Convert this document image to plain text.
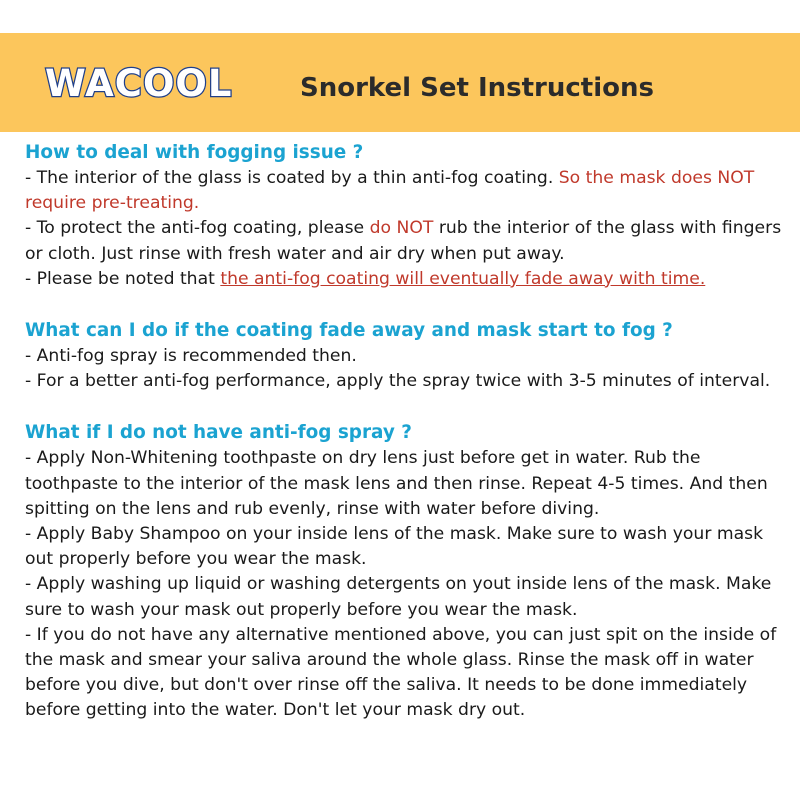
WACOOL	Snorkel Set Instructions
How to deal with fogging issue ?

- The interior of the glass is coated by a thin anti-fog coating. So the mask does NOT require pre-treating.

- To protect the anti-fog coating, please do NOT rub the interior of the glass with fingers or cloth. Just rinse with fresh water and air dry when put away.

- Please be noted that the anti-fog coating will eventually fade away with time.

What can I do if the coating fade away and mask start to fog ?

- Anti-fog spray is recommended then.

- For a better anti-fog performance, apply the spray twice with 3-5 minutes of interval.

What if I do not have anti-fog spray ?

- Apply Non-Whitening toothpaste on dry lens just before get in water. Rub the toothpaste to the interior of the mask lens and then rinse. Repeat 4-5 times. And then spitting on the lens and rub evenly, rinse with water before diving.

- Apply Baby Shampoo on your inside lens of the mask. Make sure to wash your mask out properly before you wear the mask.

- Apply washing up liquid or washing detergents on yout inside lens of the mask. Make sure to wash your mask out properly before you wear the mask.

- If you do not have any alternative mentioned above, you can just spit on the inside of the mask and smear your saliva around the whole glass. Rinse the mask off in water before you dive, but don't over rinse off the saliva. It needs to be done immediately before getting into the water. Don't let your mask dry out.
